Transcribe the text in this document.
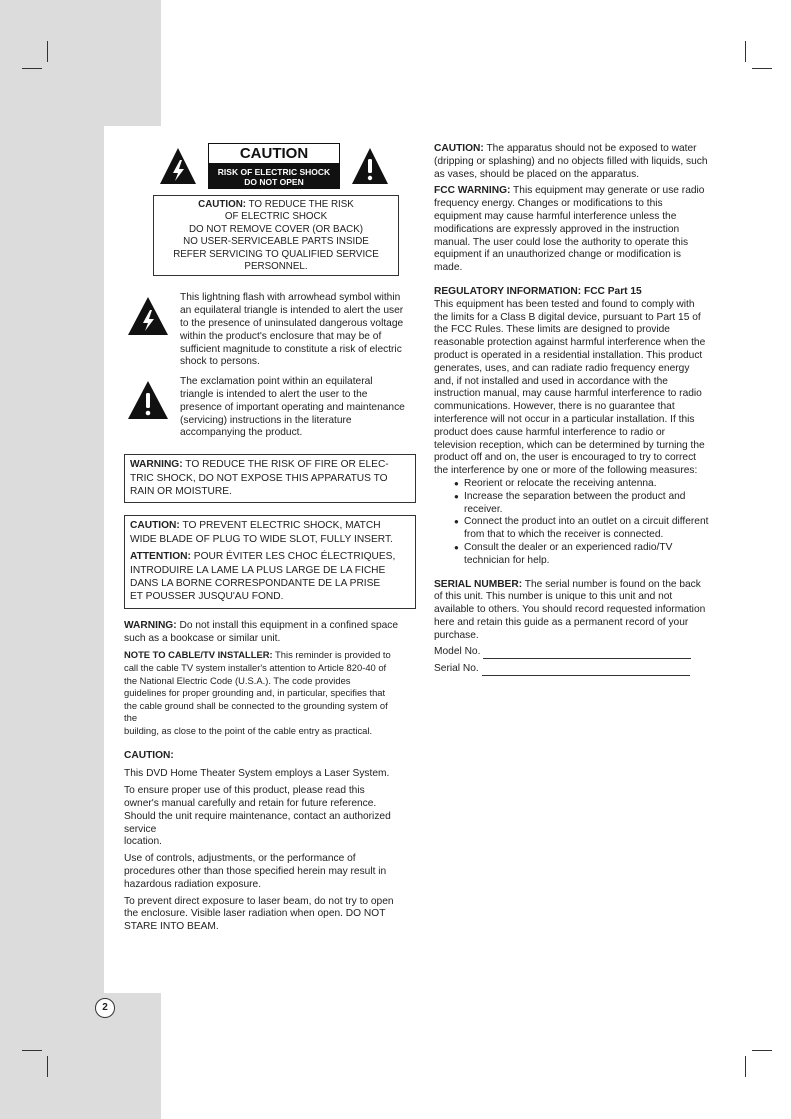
CAUTION
RISK OF ELECTRIC SHOCK
DO NOT OPEN
CAUTION: TO REDUCE THE RISK
OF ELECTRIC SHOCK
DO NOT REMOVE COVER (OR BACK)
NO USER-SERVICEABLE PARTS INSIDE
REFER SERVICING TO QUALIFIED SERVICE
PERSONNEL.
This lightning flash with arrowhead symbol within
an equilateral triangle is intended to alert the user
to the presence of uninsulated dangerous voltage
within the product's enclosure that may be of
sufficient magnitude to constitute a risk of electric
shock to persons.
The exclamation point within an equilateral
triangle is intended to alert the user to the
presence of important operating and maintenance
(servicing) instructions in the literature
accompanying the product.
WARNING: TO REDUCE THE RISK OF FIRE OR ELEC-
TRIC SHOCK, DO NOT EXPOSE THIS APPARATUS TO
RAIN OR MOISTURE.

CAUTION: TO PREVENT ELECTRIC SHOCK, MATCH
WIDE BLADE OF PLUG TO WIDE SLOT, FULLY INSERT.

ATTENTION: POUR ÉVITER LES CHOC ÉLECTRIQUES,
INTRODUIRE LA LAME LA PLUS LARGE DE LA FICHE
DANS LA BORNE CORRESPONDANTE DE LA PRISE
ET POUSSER JUSQU'AU FOND.

WARNING: Do not install this equipment in a confined space
such as a bookcase or similar unit.

NOTE TO CABLE/TV INSTALLER: This reminder is provided to
call the cable TV system installer's attention to Article 820-40 of
the National Electric Code (U.S.A.). The code provides
guidelines for proper grounding and, in particular, specifies that
the cable ground shall be connected to the grounding system of
the
building, as close to the point of the cable entry as practical.

CAUTION:

This DVD Home Theater System employs a Laser System.

To ensure proper use of this product, please read this
owner's manual carefully and retain for future reference.
Should the unit require maintenance, contact an authorized
service
location.

Use of controls, adjustments, or the performance of
procedures other than those specified herein may result in
hazardous radiation exposure.

To prevent direct exposure to laser beam, do not try to open
the enclosure. Visible laser radiation when open. DO NOT
STARE INTO BEAM.

CAUTION: The apparatus should not be exposed to water
(dripping or splashing) and no objects filled with liquids, such
as vases, should be placed on the apparatus.

FCC WARNING: This equipment may generate or use radio
frequency energy. Changes or modifications to this
equipment may cause harmful interference unless the
modifications are expressly approved in the instruction
manual. The user could lose the authority to operate this
equipment if an unauthorized change or modification is
made.

REGULATORY INFORMATION: FCC Part 15
This equipment has been tested and found to comply with
the limits for a Class B digital device, pursuant to Part 15 of
the FCC Rules. These limits are designed to provide
reasonable protection against harmful interference when the
product is operated in a residential installation. This product
generates, uses, and can radiate radio frequency energy
and, if not installed and used in accordance with the
instruction manual, may cause harmful interference to radio
communications. However, there is no guarantee that
interference will not occur in a particular installation. If this
product does cause harmful interference to radio or
television reception, which can be determined by turning the
product off and on, the user is encouraged to try to correct
the interference by one or more of the following measures:
● Reorient or relocate the receiving antenna.
● Increase the separation between the product and
receiver.
● Connect the product into an outlet on a circuit different
from that to which the receiver is connected.
● Consult the dealer or an experienced radio/TV
technician for help.

SERIAL NUMBER: The serial number is found on the back
of this unit. This number is unique to this unit and not
available to others. You should record requested information
here and retain this guide as a permanent record of your
purchase.

Model No.
Serial No.
2
